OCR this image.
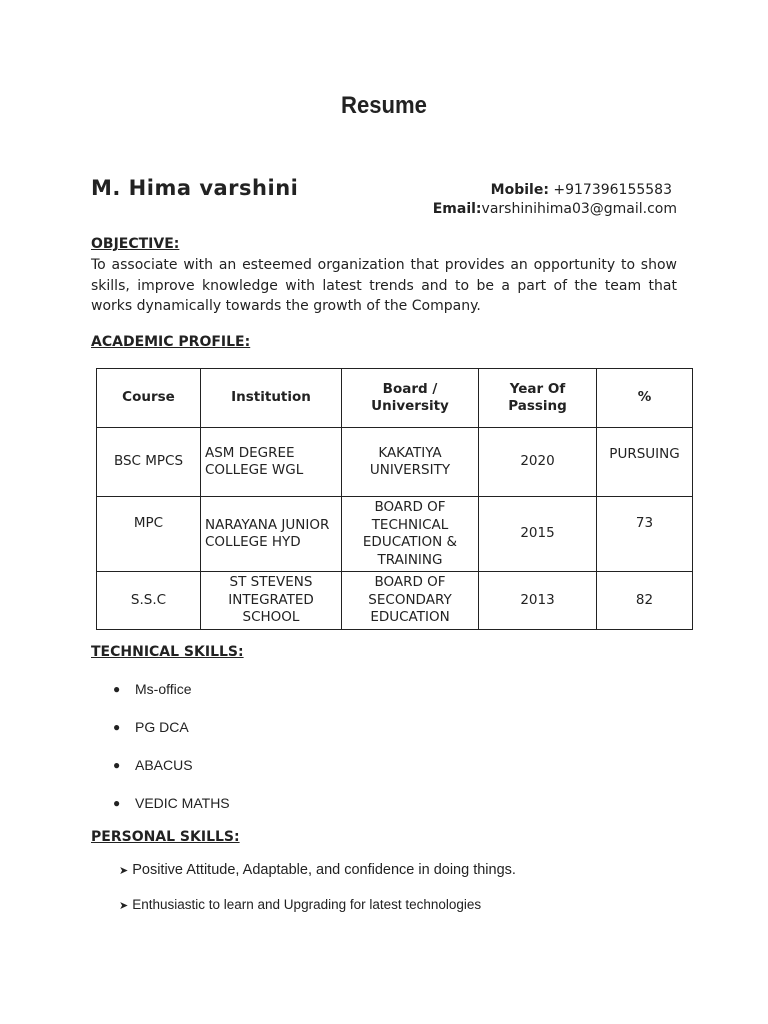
Resume
M. Hima varshini	Mobile: +917396155583
Email:varshinihima03@gmail.com
OBJECTIVE:
To associate with an esteemed organization that provides an opportunity to show skills, improve knowledge with latest trends and to be a part of the team that works dynamically towards the growth of the Company.
ACADEMIC PROFILE:
Course	Institution	Board / University	Year Of Passing	%
BSC MPCS	ASM DEGREE COLLEGE WGL	KAKATIYA UNIVERSITY	2020	PURSUING
MPC	NARAYANA JUNIOR COLLEGE HYD	BOARD OF TECHNICAL EDUCATION & TRAINING	2015	73
S.S.C	ST STEVENS INTEGRATED SCHOOL	BOARD OF SECONDARY EDUCATION	2013	82
TECHNICAL SKILLS:
● Ms-office
● PG DCA
● ABACUS
● VEDIC MATHS
PERSONAL SKILLS:
➤ Positive Attitude, Adaptable, and confidence in doing things.
➤ Enthusiastic to learn and Upgrading for latest technologies
